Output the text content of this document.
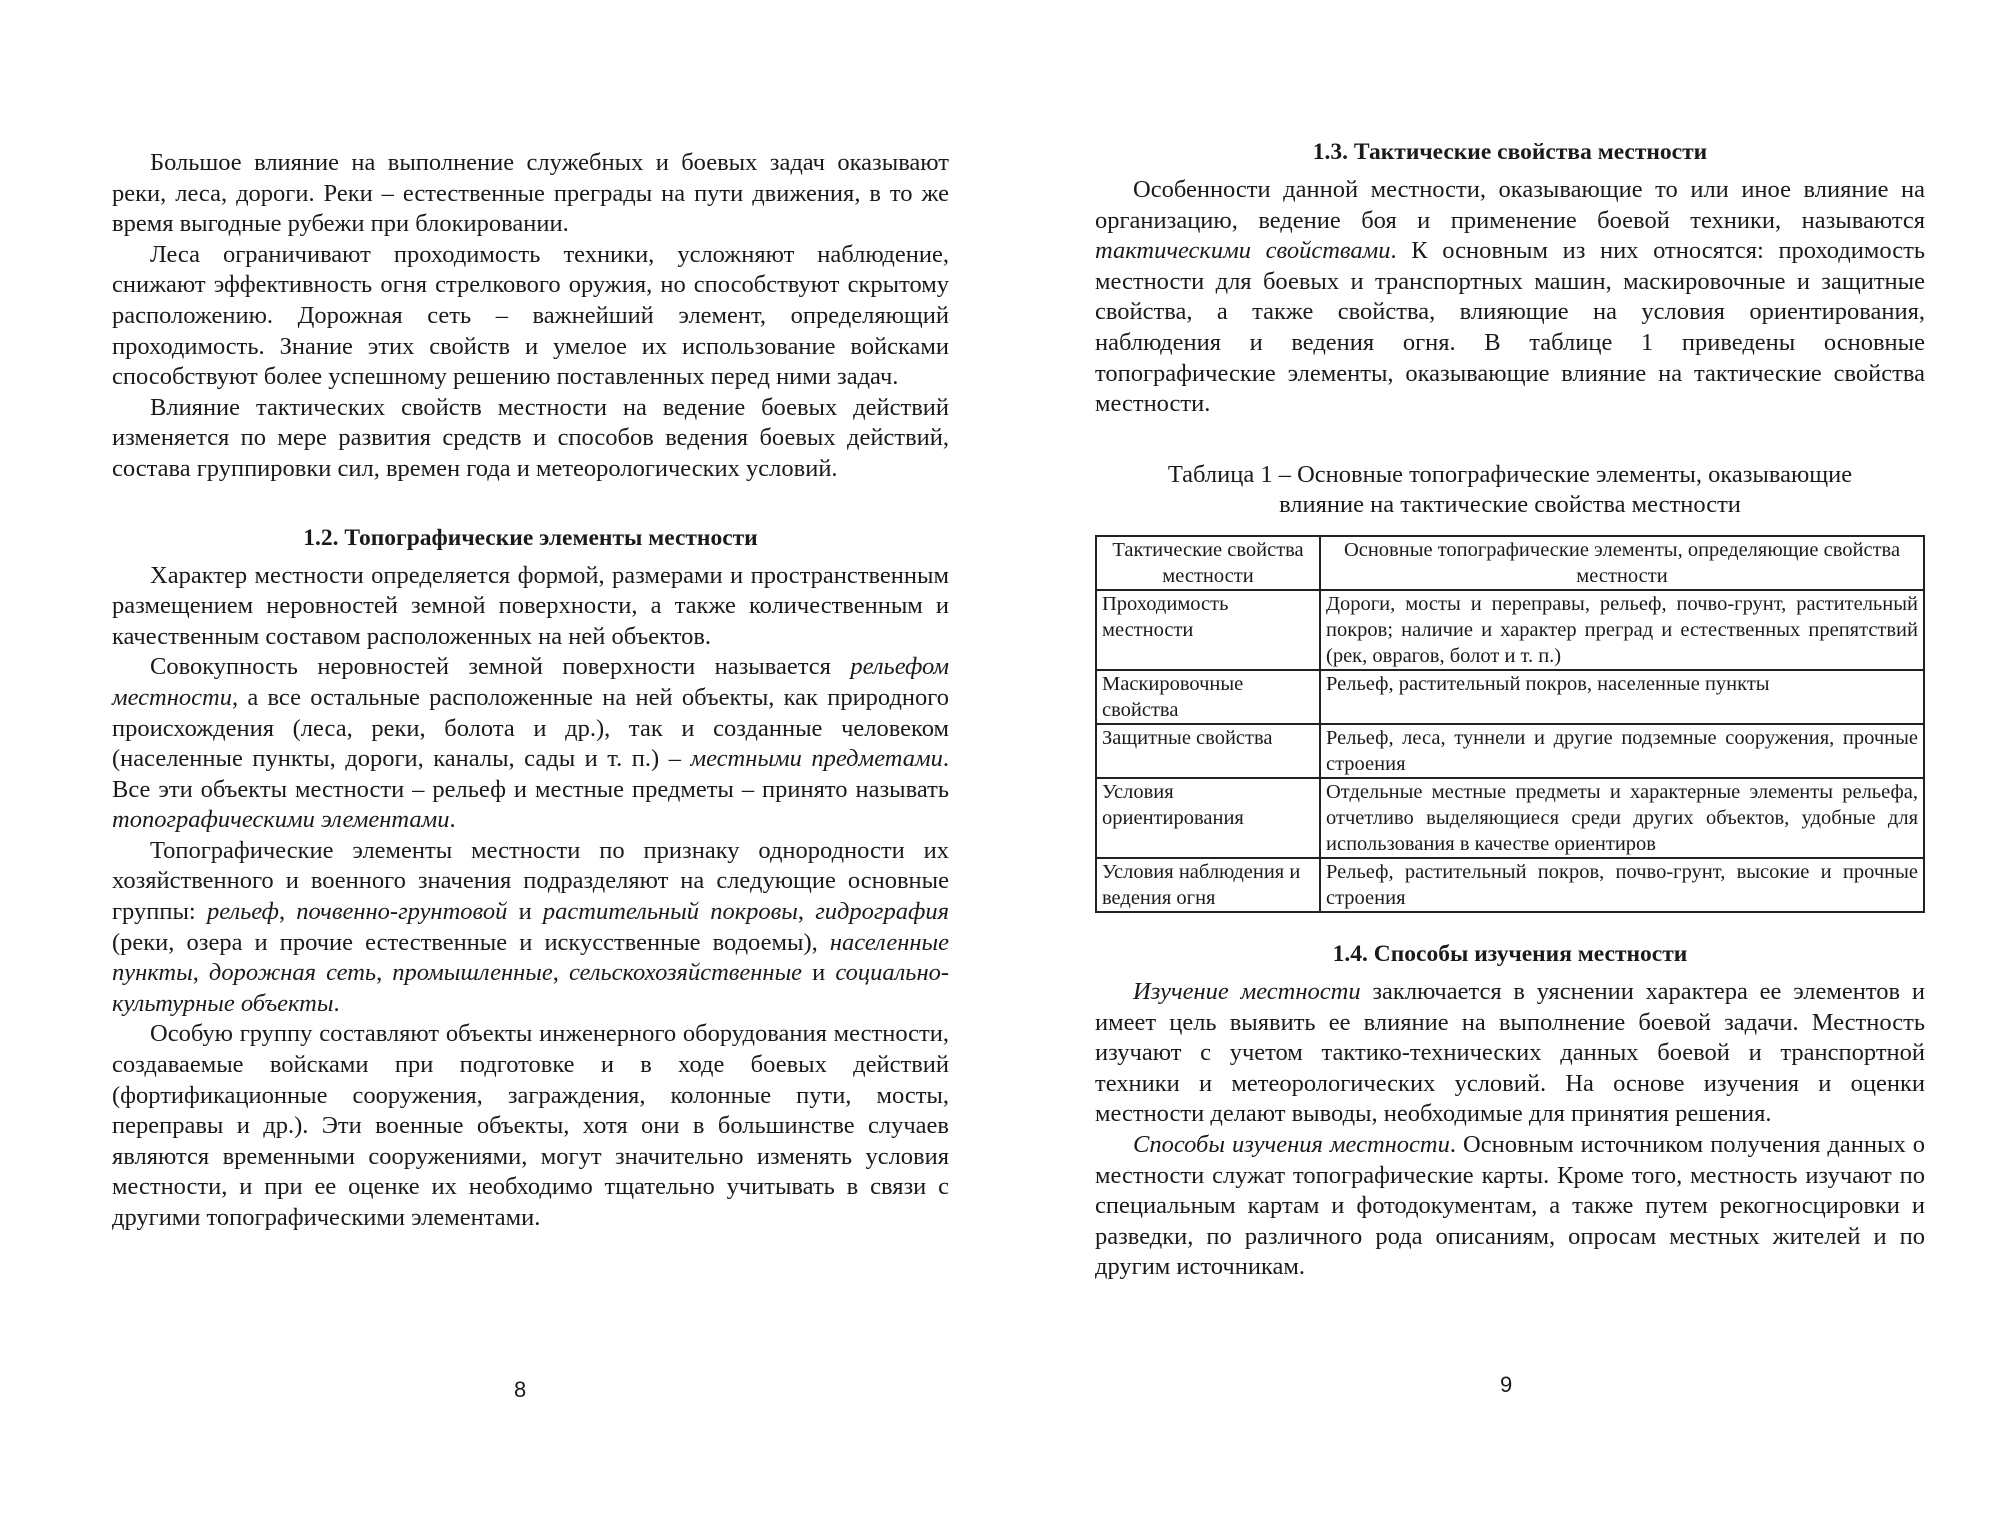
Большое влияние на выполнение служебных и боевых задач оказывают реки, леса, дороги. Реки – естественные преграды на пути движения, в то же время выгодные рубежи при блокировании.

Леса ограничивают проходимость техники, усложняют наблюдение, снижают эффективность огня стрелкового оружия, но способствуют скрытому расположению. Дорожная сеть – важнейший элемент, определяющий проходимость. Знание этих свойств и умелое их использование войсками способствуют более успешному решению поставленных перед ними задач.

Влияние тактических свойств местности на ведение боевых действий изменяется по мере развития средств и способов ведения боевых действий, состава группировки сил, времен года и метеорологических условий.

1.2. Топографические элементы местности

Характер местности определяется формой, размерами и пространственным размещением неровностей земной поверхности, а также количественным и качественным составом расположенных на ней объектов.

Совокупность неровностей земной поверхности называется рельефом местности, а все остальные расположенные на ней объекты, как природного происхождения (леса, реки, болота и др.), так и созданные человеком (населенные пункты, дороги, каналы, сады и т. п.) – местными предметами. Все эти объекты местности – рельеф и местные предметы – принято называть топографическими элементами.

Топографические элементы местности по признаку однородности их хозяйственного и военного значения подразделяют на следующие основные группы: рельеф, почвенно-грунтовой и растительный покровы, гидрография (реки, озера и прочие естественные и искусственные водоемы), населенные пункты, дорожная сеть, промышленные, сельскохозяйственные и социально-культурные объекты.

Особую группу составляют объекты инженерного оборудования местности, создаваемые войсками при подготовке и в ходе боевых действий (фортификационные сооружения, заграждения, колонные пути, мосты, переправы и др.). Эти военные объекты, хотя они в большинстве случаев являются временными сооружениями, могут значительно изменять условия местности, и при ее оценке их необходимо тщательно учитывать в связи с другими топографическими элементами.

8
1.3. Тактические свойства местности

Особенности данной местности, оказывающие то или иное влияние на организацию, ведение боя и применение боевой техники, называются тактическими свойствами. К основным из них относятся: проходимость местности для боевых и транспортных машин, маскировочные и защитные свойства, а также свойства, влияющие на условия ориентирования, наблюдения и ведения огня. В таблице 1 приведены основные топографические элементы, оказывающие влияние на тактические свойства местности.

Таблица 1 – Основные топографические элементы, оказывающие
влияние на тактические свойства местности

Тактические свойства местности	Основные топографические элементы, определяющие свойства местности
Проходимость местности	Дороги, мосты и переправы, рельеф, почво-грунт, растительный покров; наличие и характер преград и естественных препятствий (рек, оврагов, болот и т. п.)
Маскировочные свойства	Рельеф, растительный покров, населенные пункты
Защитные свойства	Рельеф, леса, туннели и другие подземные сооружения, прочные строения
Условия ориентирования	Отдельные местные предметы и характерные элементы рельефа, отчетливо выделяющиеся среди других объектов, удобные для использования в качестве ориентиров
Условия наблюдения и ведения огня	Рельеф, растительный покров, почво-грунт, высокие и прочные строения
1.4. Способы изучения местности

Изучение местности заключается в уяснении характера ее элементов и имеет цель выявить ее влияние на выполнение боевой задачи. Местность изучают с учетом тактико-технических данных боевой и транспортной техники и метеорологических условий. На основе изучения и оценки местности делают выводы, необходимые для принятия решения.

Способы изучения местности. Основным источником получения данных о местности служат топографические карты. Кроме того, местность изучают по специальным картам и фотодокументам, а также путем рекогносцировки и разведки, по различного рода описаниям, опросам местных жителей и по другим источникам.

9
